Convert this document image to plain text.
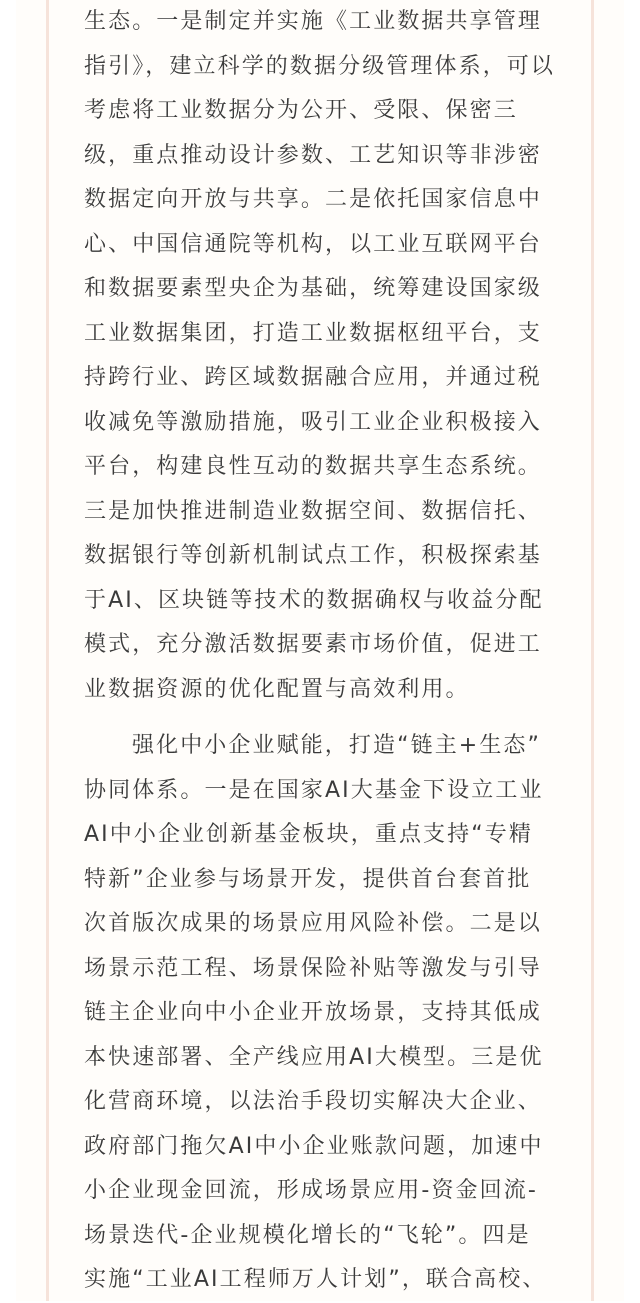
生态。一是制定并实施《工业数据共享管理
指引》，建立科学的数据分级管理体系，可以
考虑将工业数据分为公开、受限、保密三
级，重点推动设计参数、工艺知识等非涉密
数据定向开放与共享。二是依托国家信息中
心、中国信通院等机构，以工业互联网平台
和数据要素型央企为基础，统筹建设国家级
工业数据集团，打造工业数据枢纽平台，支
持跨行业、跨区域数据融合应用，并通过税
收减免等激励措施，吸引工业企业积极接入
平台，构建良性互动的数据共享生态系统。
三是加快推进制造业数据空间、数据信托、
数据银行等创新机制试点工作，积极探索基
于AI、区块链等技术的数据确权与收益分配
模式，充分激活数据要素市场价值，促进工
业数据资源的优化配置与高效利用。
强化中小企业赋能，打造“链主+生态”
协同体系。一是在国家AI大基金下设立工业
AI中小企业创新基金板块，重点支持“专精
特新”企业参与场景开发，提供首台套首批
次首版次成果的场景应用风险补偿。二是以
场景示范工程、场景保险补贴等激发与引导
链主企业向中小企业开放场景，支持其低成
本快速部署、全产线应用AI大模型。三是优
化营商环境，以法治手段切实解决大企业、
政府部门拖欠AI中小企业账款问题，加速中
小企业现金回流，形成场景应用-资金回流-
场景迭代-企业规模化增长的“飞轮”。四是
实施“工业AI工程师万人计划”，联合高校、
